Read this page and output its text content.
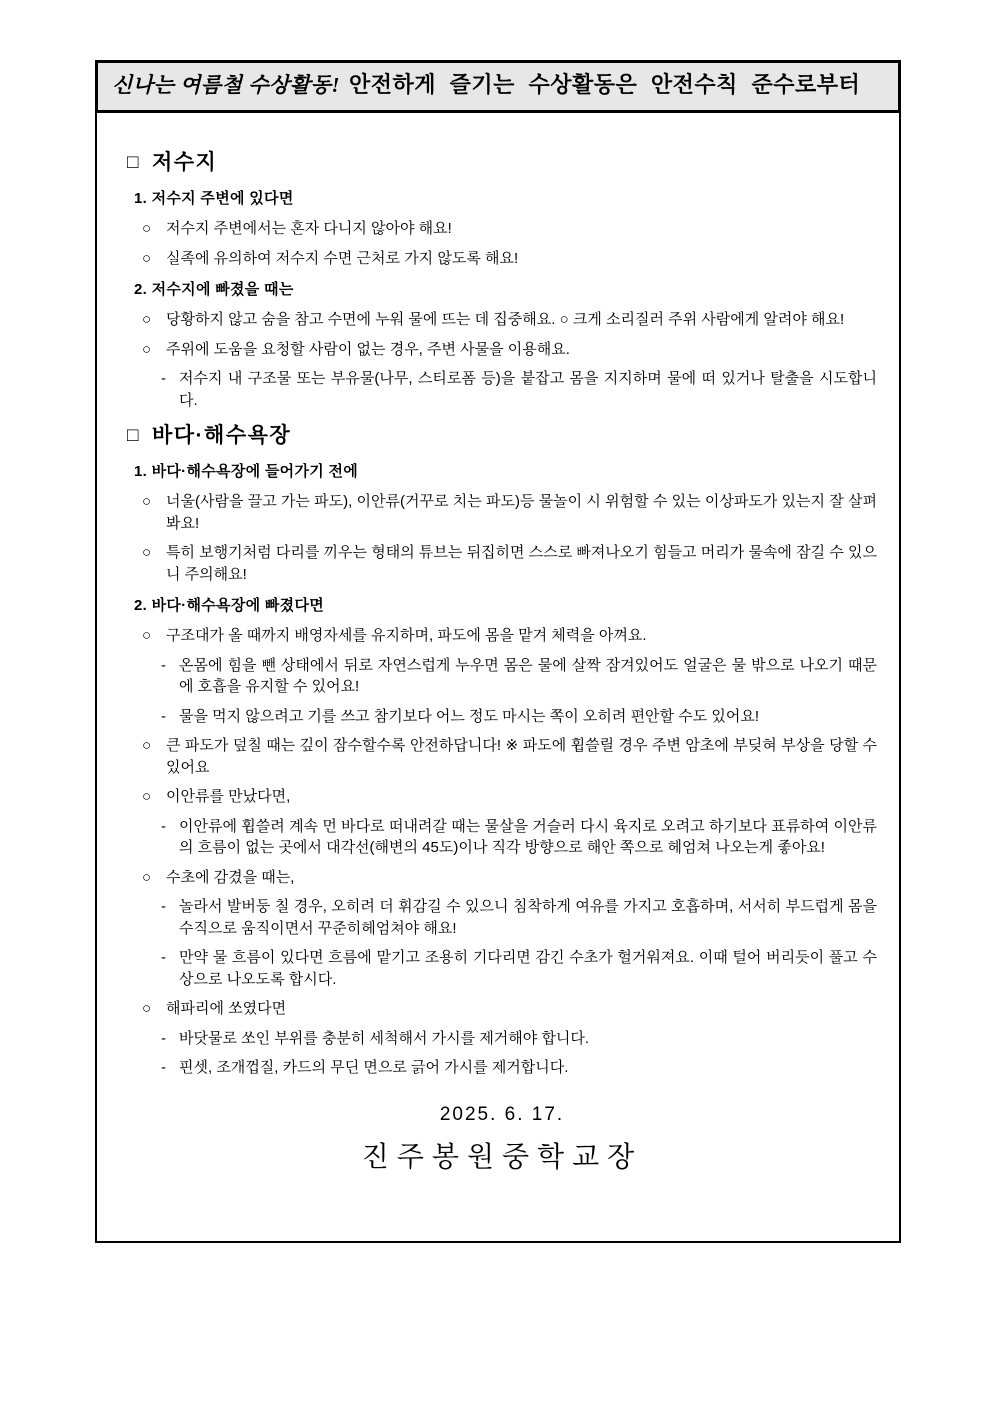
신나는 여름철 수상활동! 안전하게 즐기는 수상활동은 안전수칙 준수로부터
□ 저수지
1. 저수지 주변에 있다면
○ 저수지 주변에서는 혼자 다니지 않아야 해요!
○ 실족에 유의하여 저수지 수면 근처로 가지 않도록 해요!
2. 저수지에 빠졌을 때는
○ 당황하지 않고 숨을 참고 수면에 누워 물에 뜨는 데 집중해요. ○ 크게 소리질러 주위 사람에게 알려야 해요!
○ 주위에 도움을 요청할 사람이 없는 경우, 주변 사물을 이용해요.
- 저수지 내 구조물 또는 부유물(나무, 스티로폼 등)을 붙잡고 몸을 지지하며 물에 떠 있거나 탈출을 시도합니다.
□ 바다·해수욕장
1. 바다·해수욕장에 들어가기 전에
○ 너울(사람을 끌고 가는 파도), 이안류(거꾸로 치는 파도)등 물놀이 시 위험할 수 있는 이상파도가 있는지 잘 살펴봐요!
○ 특히 보행기처럼 다리를 끼우는 형태의 튜브는 뒤집히면 스스로 빠져나오기 힘들고 머리가 물속에 잠길 수 있으니 주의해요!
2. 바다·해수욕장에 빠졌다면
○ 구조대가 올 때까지 배영자세를 유지하며, 파도에 몸을 맡겨 체력을 아껴요.
- 온몸에 힘을 뺀 상태에서 뒤로 자연스럽게 누우면 몸은 물에 살짝 잠겨있어도 얼굴은 물 밖으로 나오기 때문에 호흡을 유지할 수 있어요!
- 물을 먹지 않으려고 기를 쓰고 참기보다 어느 정도 마시는 쪽이 오히려 편안할 수도 있어요!
○ 큰 파도가 덮칠 때는 깊이 잠수할수록 안전하답니다! ※ 파도에 휩쓸릴 경우 주변 암초에 부딪혀 부상을 당할 수 있어요
○ 이안류를 만났다면,
- 이안류에 휩쓸려 계속 먼 바다로 떠내려갈 때는 물살을 거슬러 다시 육지로 오려고 하기보다 표류하여 이안류의 흐름이 없는 곳에서 대각선(해변의 45도)이나 직각 방향으로 해안 쪽으로 헤엄쳐 나오는게 좋아요!
○ 수초에 감겼을 때는,
- 놀라서 발버둥 칠 경우, 오히려 더 휘감길 수 있으니 침착하게 여유를 가지고 호흡하며, 서서히 부드럽게 몸을 수직으로 움직이면서 꾸준히헤엄쳐야 해요!
- 만약 물 흐름이 있다면 흐름에 맡기고 조용히 기다리면 감긴 수초가 헐거워져요. 이때 털어 버리듯이 풀고 수상으로 나오도록 합시다.
○ 해파리에 쏘였다면
- 바닷물로 쏘인 부위를 충분히 세척해서 가시를 제거해야 합니다.
- 핀셋, 조개껍질, 카드의 무딘 면으로 긁어 가시를 제거합니다.
2025. 6. 17.
진주봉원중학교장
